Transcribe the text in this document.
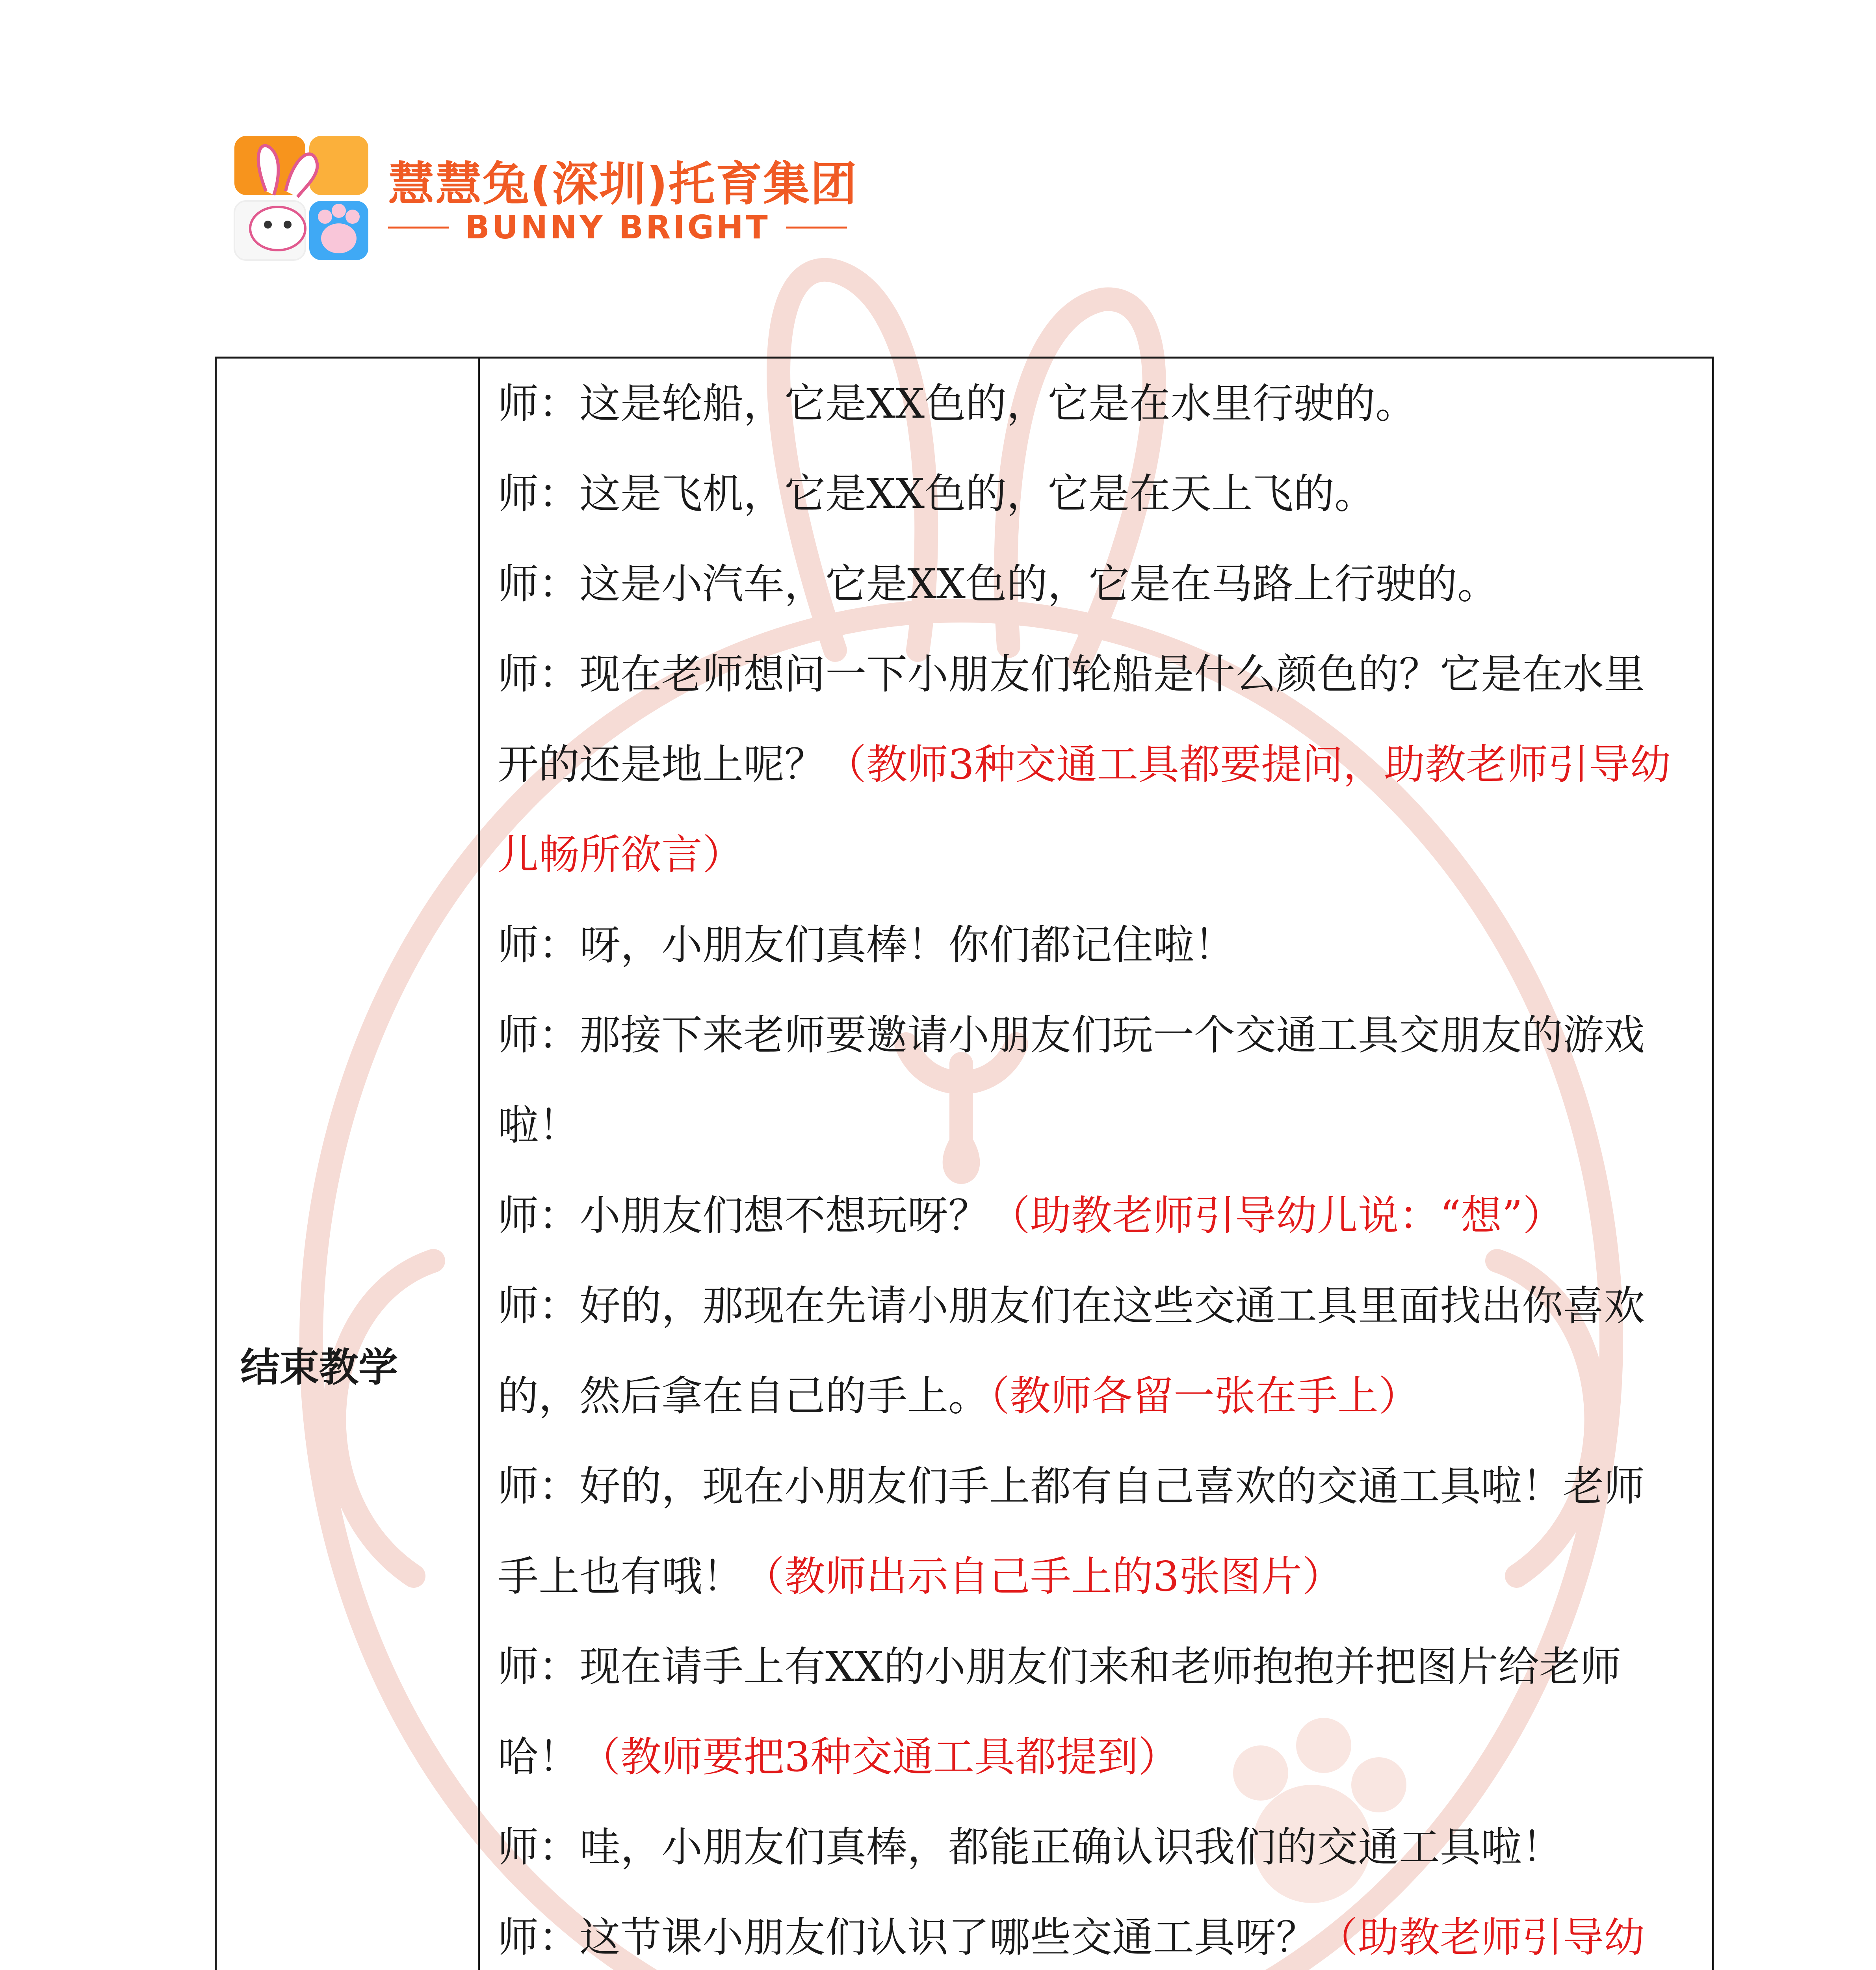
慧慧兔(深圳)托育集团
BUNNY BRIGHT
结束教学

师：这是轮船，它是XX色的，它是在水里行驶的。

师：这是飞机，它是XX色的，它是在天上飞的。

师：这是小汽车，它是XX色的，它是在马路上行驶的。

师：现在老师想问一下小朋友们轮船是什么颜色的？它是在水里开的还是地上呢？（教师3种交通工具都要提问，助教老师引导幼儿畅所欲言）

师：呀，小朋友们真棒！你们都记住啦！

师：那接下来老师要邀请小朋友们玩一个交通工具交朋友的游戏啦！

师：小朋友们想不想玩呀？（助教老师引导幼儿说：“想”）

师：好的，那现在先请小朋友们在这些交通工具里面找出你喜欢的，然后拿在自己的手上。（教师各留一张在手上）

师：好的，现在小朋友们手上都有自己喜欢的交通工具啦！老师手上也有哦！（教师出示自己手上的3张图片）

师：现在请手上有XX的小朋友们来和老师抱抱并把图片给老师哈！（教师要把3种交通工具都提到）

师：哇，小朋友们真棒，都能正确认识我们的交通工具啦！

师：这节课小朋友们认识了哪些交通工具呀？（助教老师引导幼
